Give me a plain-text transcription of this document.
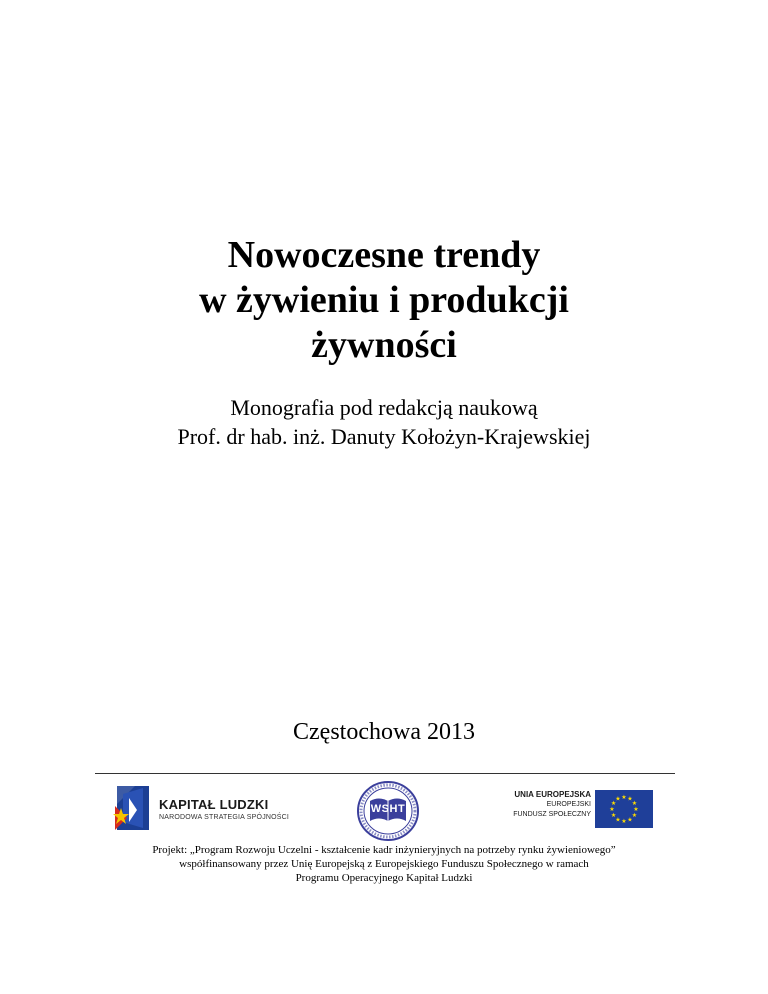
Nowoczesne trendy
w żywieniu i produkcji
żywności
Monografia pod redakcją naukową
Prof. dr hab. inż. Danuty Kołożyn-Krajewskiej
Częstochowa 2013
KAPITAŁ LUDZKI
NARODOWA STRATEGIA SPÓJNOŚCI
WSHT
UNIA EUROPEJSKA
EUROPEJSKI
FUNDUSZ SPOŁECZNY
★ ★
★
★
★
★
★
★
★
★
★
★
Projekt: „Program Rozwoju Uczelni - kształcenie kadr inżynieryjnych na potrzeby rynku żywieniowego”
współfinansowany przez Unię Europejską z Europejskiego Funduszu Społecznego w ramach
Programu Operacyjnego Kapitał Ludzki
